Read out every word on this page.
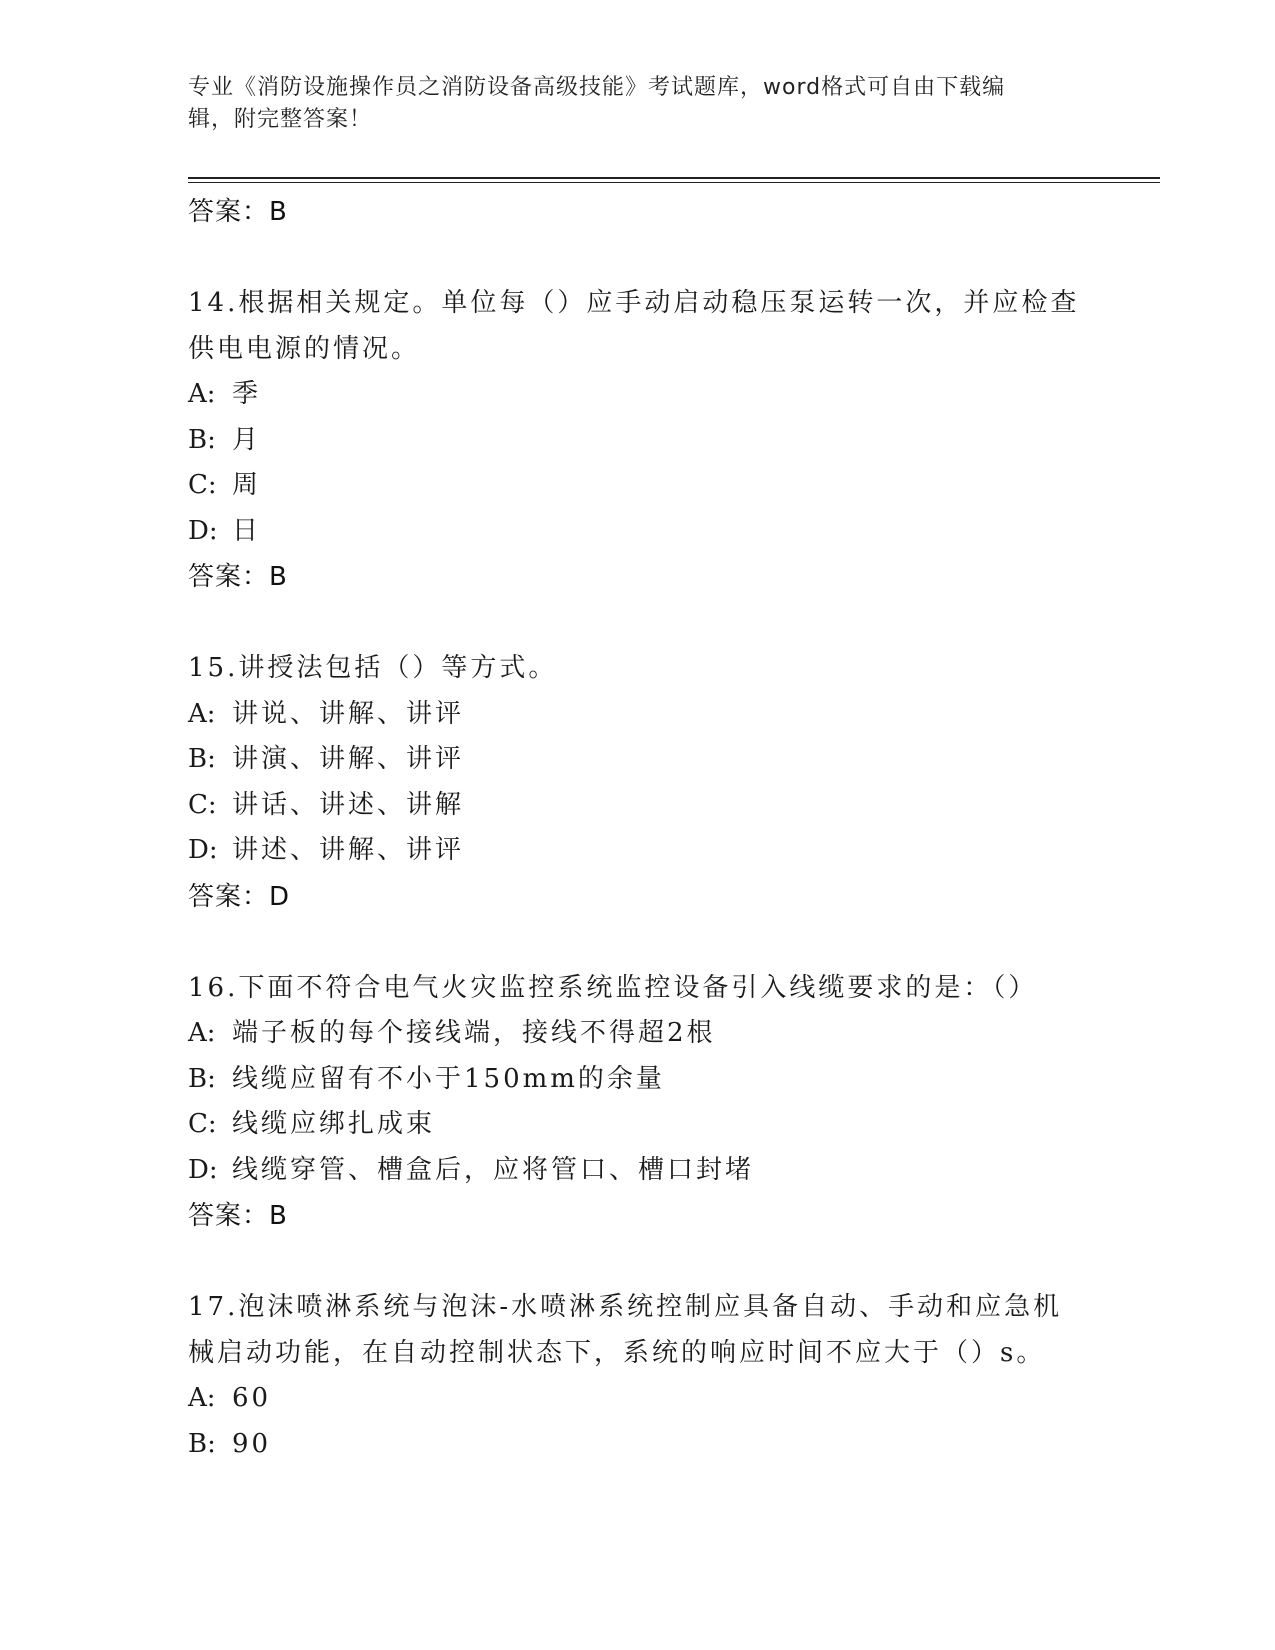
专业《消防设施操作员之消防设备高级技能》考试题库，word格式可自由下载编
辑，附完整答案！
答案：B
14.根据相关规定。单位每（）应手动启动稳压泵运转一次，并应检查
供电电源的情况。
A: 季
B: 月
C: 周
D: 日
答案：B
15.讲授法包括（）等方式。
A: 讲说、讲解、讲评
B: 讲演、讲解、讲评
C: 讲话、讲述、讲解
D: 讲述、讲解、讲评
答案：D
16.下面不符合电气火灾监控系统监控设备引入线缆要求的是：（）
A: 端子板的每个接线端，接线不得超2根
B: 线缆应留有不小于150mm的余量
C: 线缆应绑扎成束
D: 线缆穿管、槽盒后，应将管口、槽口封堵
答案：B
17.泡沫喷淋系统与泡沫-水喷淋系统控制应具备自动、手动和应急机
械启动功能，在自动控制状态下，系统的响应时间不应大于（）s。
A: 60
B: 90
